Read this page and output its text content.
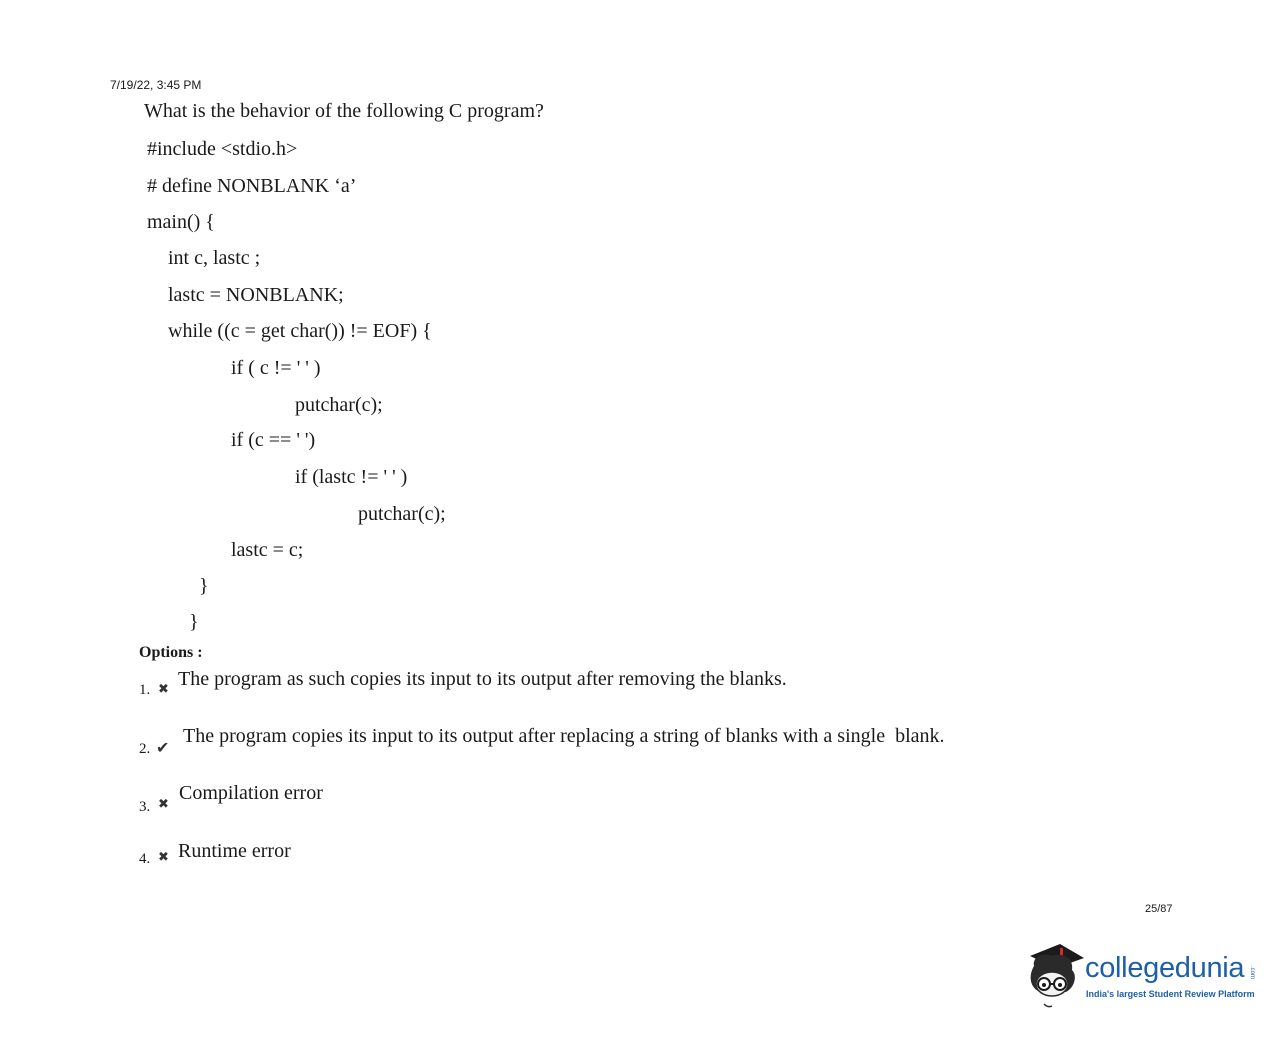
7/19/22, 3:45 PM
What is the behavior of the following C program?
#include <stdio.h>
# define NONBLANK ‘a’
main() {
int c, lastc ;
lastc = NONBLANK;
while ((c = get char()) != EOF) {
if ( c != ' ' )
putchar(c);
if (c == ' ')
if (lastc != ' ' )
putchar(c);
lastc = c;
}
}
Options :
1. ✖ The program as such copies its input to its output after removing the blanks.
2. ✔
The program copies its input to its output after replacing a string of blanks with a single  blank.
3. ✖ Compilation error
4. ✖ Runtime error
25/87
.com
collegedunia
India's largest Student Review Platform
